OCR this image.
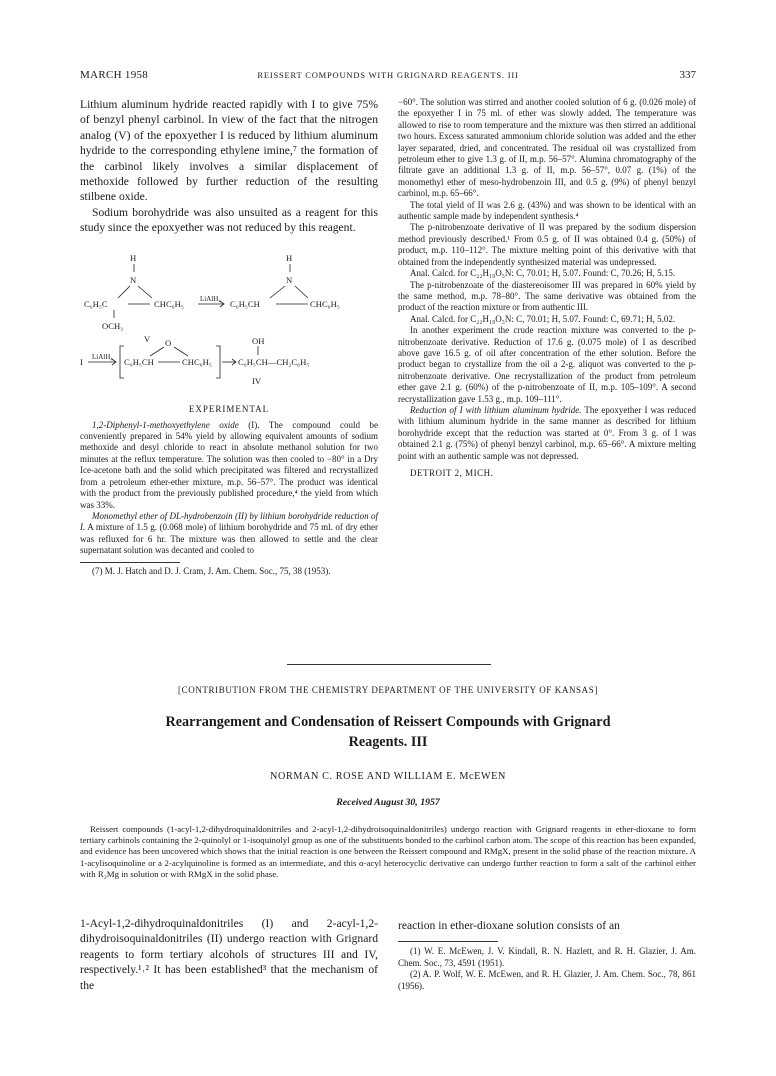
MARCH 1958	REISSERT COMPOUNDS WITH GRIGNARD REAGENTS. III	337

Lithium aluminum hydride reacted rapidly with I to give 75% of benzyl phenyl carbinol. In view of the fact that the nitrogen analog (V) of the epoxyether I is reduced by lithium aluminum hydride to the corresponding ethylene imine,⁷ the formation of the carbinol likely involves a similar displacement of methoxide followed by further reduction of the resulting stilbene oxide.

Sodium borohydride was also unsuited as a reagent for this study since the epoxyether was not reduced by this reagent.

H
N
C₆H₅C	CHC₆H₅ LiAlH₄
OCH₃
H
N
C₆H₅CH	CHC₆H₅
V
I LiAlH₄
O
C₆H₅CH	CHC₆H₅
OH
C₆H₅CH—CH₂C₆H₅
IV
EXPERIMENTAL

1,2-Diphenyl-1-methoxyethylene oxide (I). The compound could be conveniently prepared in 54% yield by allowing equivalent amounts of sodium methoxide and desyl chloride to react in absolute methanol solution for two minutes at the reflux temperature. The solution was then cooled to −80° in a Dry Ice-acetone bath and the solid which precipitated was filtered and recrystallized from a petroleum ether-ether mixture, m.p. 56–57°. The product was identical with the product from the previously published procedure,⁴ the yield from which was 33%.

Monomethyl ether of DL-hydrobenzoin (II) by lithium borohydride reduction of I. A mixture of 1.5 g. (0.068 mole) of lithium borohydride and 75 ml. of dry ether was refluxed for 6 hr. The mixture was then allowed to settle and the clear supernatant solution was decanted and cooled to

(7) M. J. Hatch and D. J. Cram, J. Am. Chem. Soc., 75, 38 (1953).

−60°. The solution was stirred and another cooled solution of 6 g. (0.026 mole) of the epoxyether I in 75 ml. of ether was slowly added. The temperature was allowed to rise to room temperature and the mixture was then stirred an additional two hours. Excess saturated ammonium chloride solution was added and the ether layer separated, dried, and concentrated. The residual oil was crystallized from petroleum ether to give 1.3 g. of II, m.p. 56–57°. Alumina chromatography of the filtrate gave an additional 1.3 g. of II, m.p. 56–57°, 0.07 g. (1%) of the monomethyl ether of meso-hydrobenzoin III, and 0.5 g. (9%) of phenyl benzyl carbinol, m.p. 65–66°.

The total yield of II was 2.6 g. (43%) and was shown to be identical with an authentic sample made by independent synthesis.⁴

The p-nitrobenzoate derivative of II was prepared by the sodium dispersion method previously described.¹ From 0.5 g. of II was obtained 0.4 g. (50%) of product, m.p. 110–112°. The mixture melting point of this derivative with that obtained from the independently synthesized material was undepressed.

Anal. Calcd. for C₂₂H₁₉O₅N: C, 70.01; H, 5.07. Found: C, 70.26; H, 5.15.

The p-nitrobenzoate of the diastereoisomer III was prepared in 60% yield by the same method, m.p. 78–80°. The same derivative was obtained from the product of the reaction mixture or from authentic III.

Anal. Calcd. for C₂₂H₁₉O₅N: C, 70.01; H, 5.07. Found: C, 69.71; H, 5.02.

In another experiment the crude reaction mixture was converted to the p-nitrobenzoate derivative. Reduction of 17.6 g. (0.075 mole) of I as described above gave 16.5 g. of oil after concentration of the ether solution. Before the product began to crystallize from the oil a 2-g. aliquot was converted to the p-nitrobenzoate derivative. One recrystallization of the product from petroleum ether gave 2.1 g. (60%) of the p-nitrobenzoate of II, m.p. 105–109°. A second recrystallization gave 1.53 g., m.p. 109–111°.

Reduction of I with lithium aluminum hydride. The epoxyether I was reduced with lithium aluminum hydride in the same manner as described for lithium borohydride except that the reduction was started at 0°. From 3 g. of I was obtained 2.1 g. (75%) of phenyl benzyl carbinol, m.p. 65–66°. A mixture melting point with an authentic sample was not depressed.

DETROIT 2, MICH.
[CONTRIBUTION FROM THE CHEMISTRY DEPARTMENT OF THE UNIVERSITY OF KANSAS]
Rearrangement and Condensation of Reissert Compounds with Grignard
Reagents. III
NORMAN C. ROSE AND WILLIAM E. McEWEN
Received August 30, 1957

Reissert compounds (1-acyl-1,2-dihydroquinaldonitriles and 2-acyl-1,2-dihydroisoquinaldonitriles) undergo reaction with Grignard reagents in ether-dioxane to form tertiary carbinols containing the 2-quinolyl or 1-isoquinolyl group as one of the substituents bonded to the carbinol carbon atom. The scope of this reaction has been expanded, and evidence has been uncovered which shows that the initial reaction is one between the Reissert compound and RMgX, present in the solid phase of the reaction mixture. A 1-acylisoquinoline or a 2-acylquinoline is formed as an intermediate, and this α-acyl heterocyclic derivative can undergo further reaction to form a salt of the carbinol either with R₂Mg in solution or with RMgX in the solid phase.

1-Acyl-1,2-dihydroquinaldonitriles (I) and 2-acyl-1,2-dihydroisoquinaldonitriles (II) undergo reaction with Grignard reagents to form tertiary alcohols of structures III and IV, respectively.¹˒² It has been established³ that the mechanism of the

reaction in ether-dioxane solution consists of an

(1) W. E. McEwen, J. V. Kindall, R. N. Hazlett, and R. H. Glazier, J. Am. Chem. Soc., 73, 4591 (1951).

(2) A. P. Wolf, W. E. McEwen, and R. H. Glazier, J. Am. Chem. Soc., 78, 861 (1956).
